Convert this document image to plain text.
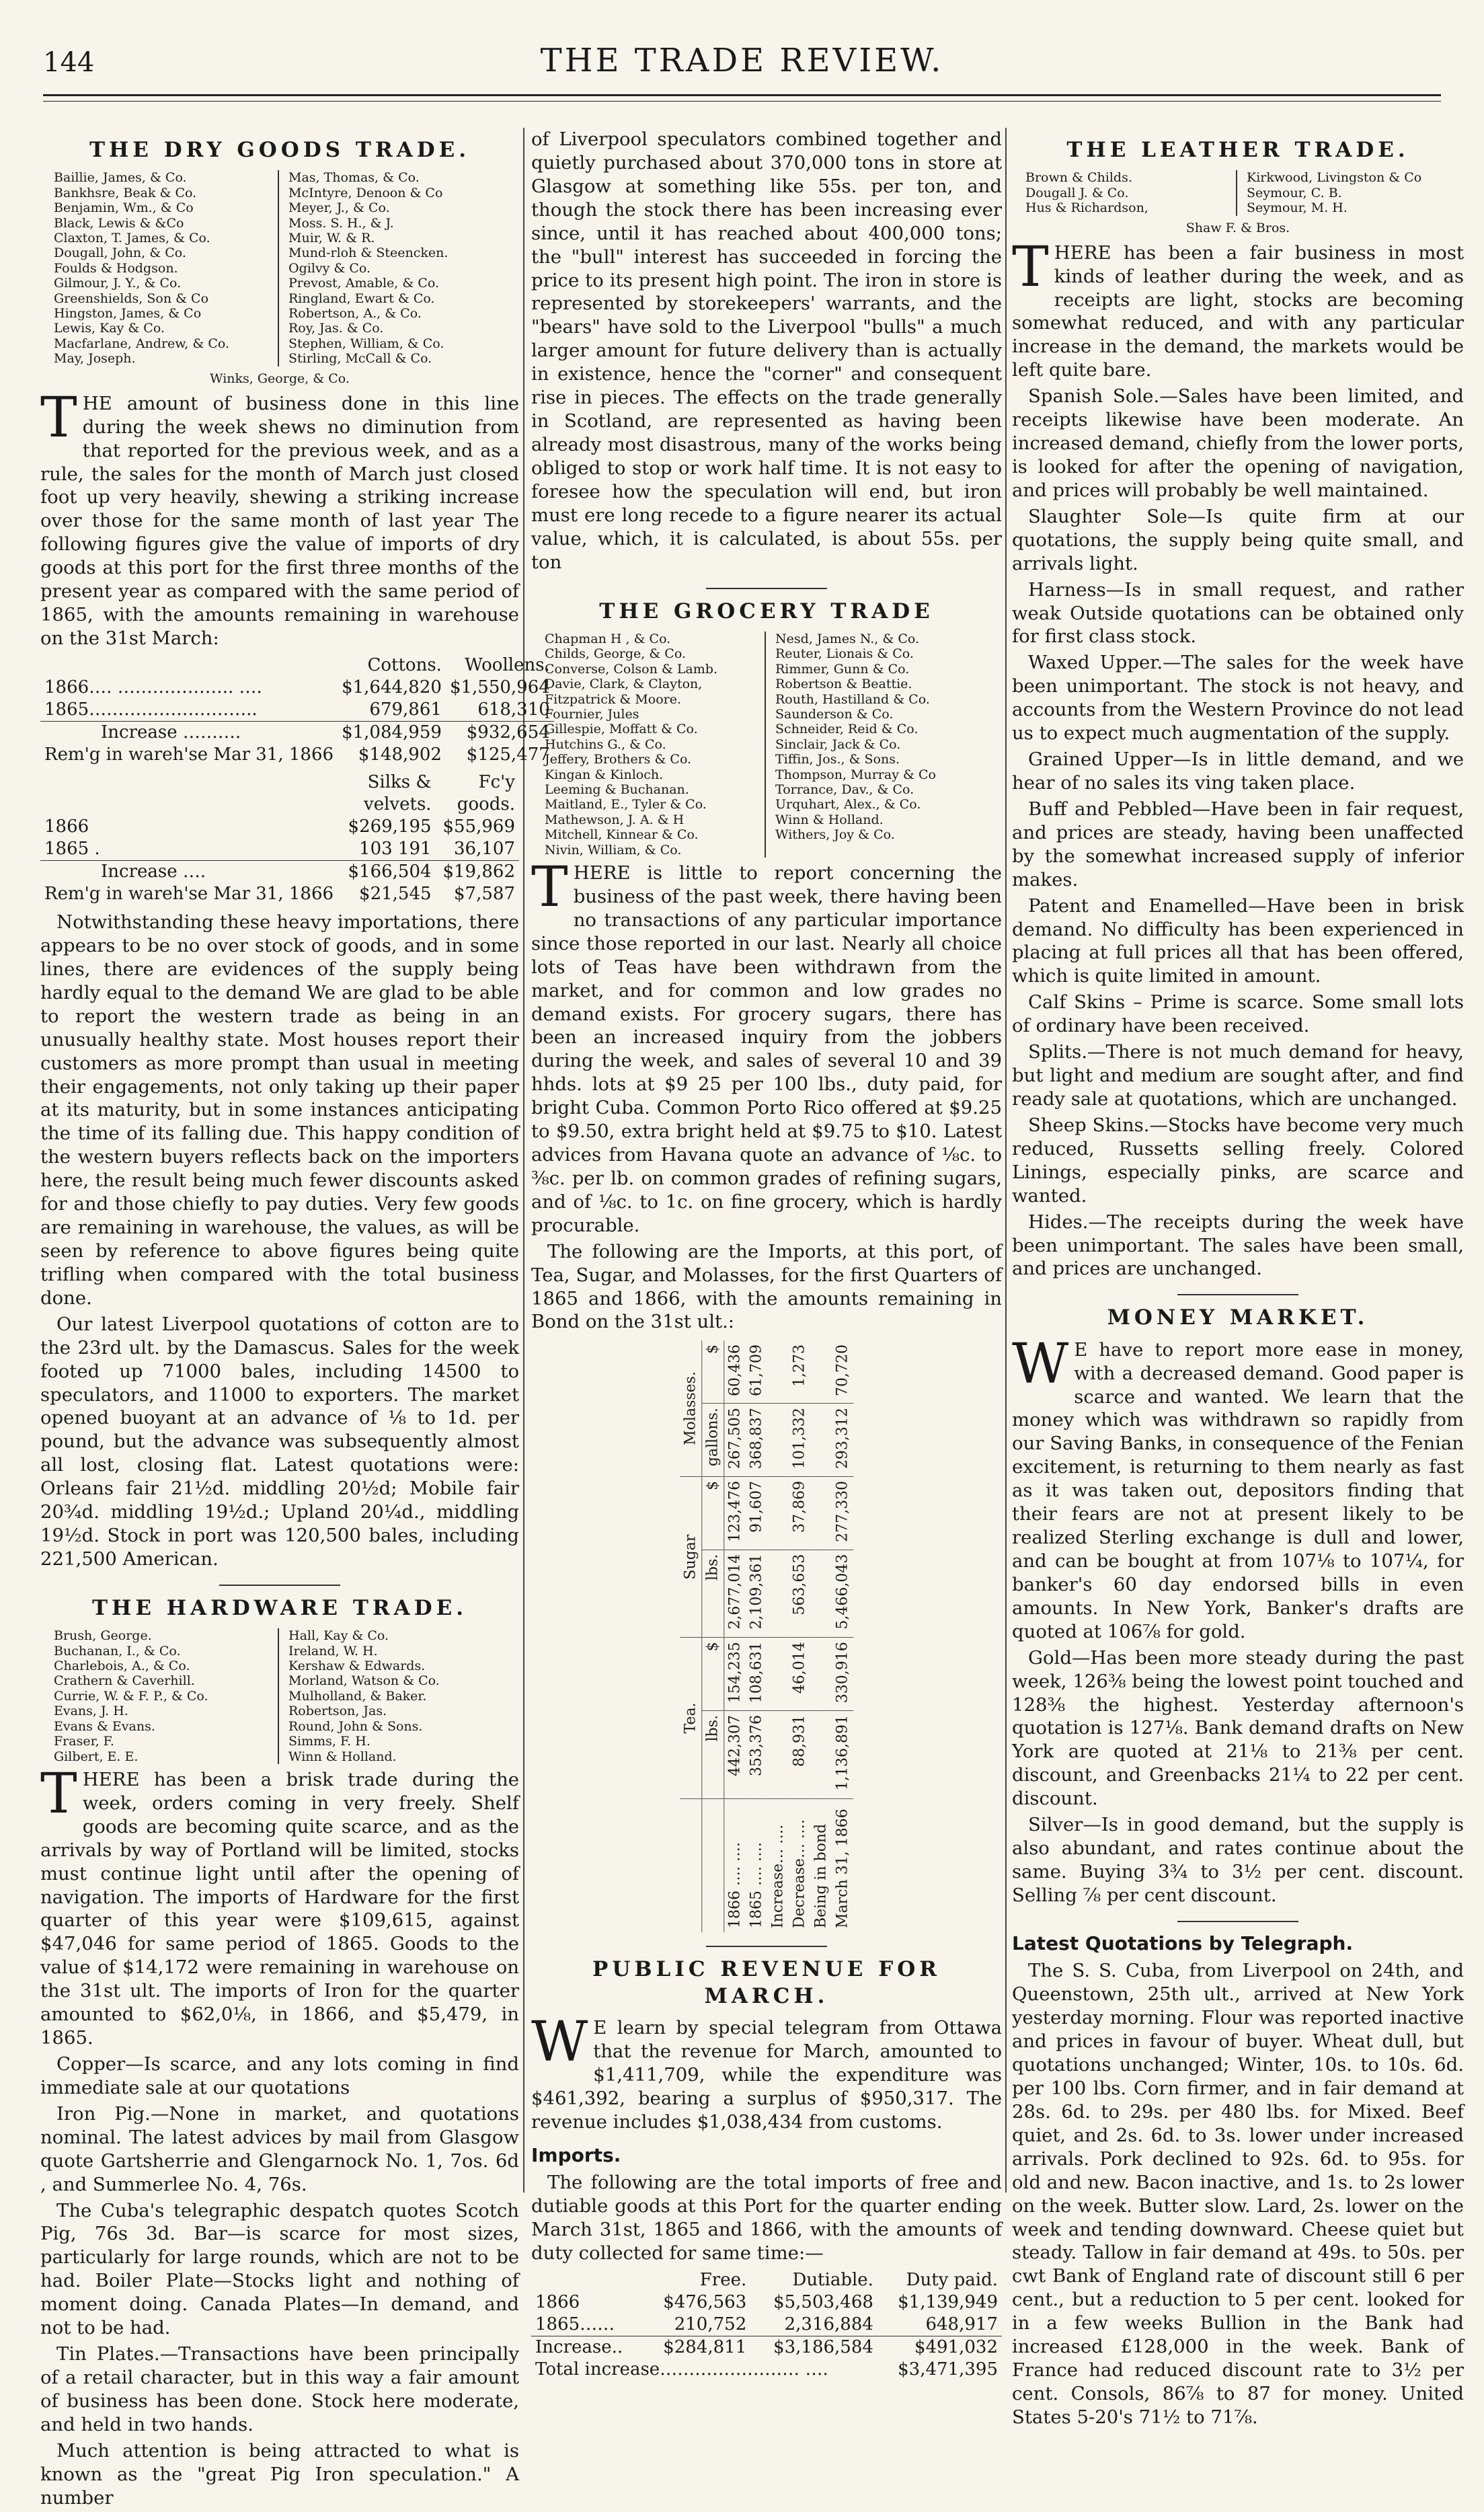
144	THE TRADE REVIEW.
THE DRY GOODS TRADE.
Baillie, James, & Co.
Bankhsre, Beak & Co.
Benjamin, Wm., & Co
Black, Lewis & &Co
Claxton, T. James, & Co.
Dougall, John, & Co.
Foulds & Hodgson.
Gilmour, J. Y., & Co.
Greenshields, Son & Co
Hingston, James, & Co
Lewis, Kay & Co.
Macfarlane, Andrew, & Co.
May, Joseph.
Mas, Thomas, & Co.
McIntyre, Denoon & Co
Meyer, J., & Co.
Moss. S. H., & J.
Muir, W. & R.
Mund-rloh & Steencken.
Ogilvy & Co.
Prevost, Amable, & Co.
Ringland, Ewart & Co.
Robertson, A., & Co.
Roy, Jas. & Co.
Stephen, William, & Co.
Stirling, McCall & Co.
Winks, George, & Co.

THE amount of business done in this line during the week shews no diminution from that reported for the previous week, and as a rule, the sales for the month of March just closed foot up very heavily, shewing a striking increase over those for the same month of last year The following figures give the value of imports of dry goods at this port for the first three months of the present year as compared with the same period of 1865, with the amounts remaining in warehouse on the 31st March:

	Cottons.	Woollens.
1866…. ……………….. ….	$1,644,820	$1,550,964
1865………………………..	679,861	618,310
Increase ……….	$1,084,959	$932,654
Rem'g in wareh'se Mar 31, 1866	$148,902	$125,477
	Silks & velvets.	Fc'y goods.
1866	$269,195	$55,969
1865 .	103 191	36,107
Increase ….	$166,504	$19,862
Rem'g in wareh'se Mar 31, 1866	$21,545	$7,587

Notwithstanding these heavy importations, there appears to be no over stock of goods, and in some lines, there are evidences of the supply being hardly equal to the demand We are glad to be able to report the western trade as being in an unusually healthy state. Most houses report their customers as more prompt than usual in meeting their engagements, not only taking up their paper at its maturity, but in some instances anticipating the time of its falling due. This happy condition of the western buyers reflects back on the importers here, the result being much fewer discounts asked for and those chiefly to pay duties. Very few goods are remaining in warehouse, the values, as will be seen by reference to above figures being quite trifling when compared with the total business done.

Our latest Liverpool quotations of cotton are to the 23rd ult. by the Damascus. Sales for the week footed up 71000 bales, including 14500 to speculators, and 11000 to exporters. The market opened buoyant at an advance of ⅛ to 1d. per pound, but the advance was subsequently almost all lost, closing flat. Latest quotations were: Orleans fair 21½d. middling 20½d; Mobile fair 20¾d. middling 19½d.; Upland 20¼d., middling 19½d. Stock in port was 120,500 bales, including 221,500 American.

THE HARDWARE TRADE.
Brush, George.
Buchanan, I., & Co.
Charlebois, A., & Co.
Crathern & Caverhill.
Currie, W. & F. P., & Co.
Evans, J. H.
Evans & Evans.
Fraser, F.
Gilbert, E. E.
Hall, Kay & Co.
Ireland, W. H.
Kershaw & Edwards.
Morland, Watson & Co.
Mulholland, & Baker.
Robertson, Jas.
Round, John & Sons.
Simms, F. H.
Winn & Holland.

THERE has been a brisk trade during the week, orders coming in very freely. Shelf goods are becoming quite scarce, and as the arrivals by way of Portland will be limited, stocks must continue light until after the opening of navigation. The imports of Hardware for the first quarter of this year were $109,615, against $47,046 for same period of 1865. Goods to the value of $14,172 were remaining in warehouse on the 31st ult. The imports of Iron for the quarter amounted to $62,0⅛, in 1866, and $5,479, in 1865.

Copper—Is scarce, and any lots coming in find immediate sale at our quotations

Iron Pig.—None in market, and quotations nominal. The latest advices by mail from Glasgow quote Gartsherrie and Glengarnock No. 1, 7os. 6d , and Summerlee No. 4, 76s.

The Cuba's telegraphic despatch quotes Scotch Pig, 76s 3d. Bar—is scarce for most sizes, particularly for large rounds, which are not to be had. Boiler Plate—Stocks light and nothing of moment doing. Canada Plates—In demand, and not to be had.

Tin Plates.—Transactions have been principally of a retail character, but in this way a fair amount of business has been done. Stock here moderate, and held in two hands.

Much attention is being attracted to what is known as the "great Pig Iron speculation." A number

of Liverpool speculators combined together and quietly purchased about 370,000 tons in store at Glasgow at something like 55s. per ton, and though the stock there has been increasing ever since, until it has reached about 400,000 tons; the "bull" interest has succeeded in forcing the price to its present high point. The iron in store is represented by storekeepers' warrants, and the "bears" have sold to the Liverpool "bulls" a much larger amount for future delivery than is actually in existence, hence the "corner" and consequent rise in pieces. The effects on the trade generally in Scotland, are represented as having been already most disastrous, many of the works being obliged to stop or work half time. It is not easy to foresee how the speculation will end, but iron must ere long recede to a figure nearer its actual value, which, it is calculated, is about 55s. per ton

THE GROCERY TRADE
Chapman H , & Co.
Childs, George, & Co.
Converse, Colson & Lamb.
Davie, Clark, & Clayton,
Fitzpatrick & Moore.
Fournier, Jules
Gillespie, Moffatt & Co.
Hutchins G., & Co.
Jeffery, Brothers & Co.
Kingan & Kinloch.
Leeming & Buchanan.
Maitland, E., Tyler & Co.
Mathewson, J. A. & H
Mitchell, Kinnear & Co.
Nivin, William, & Co.
Nesd, James N., & Co.
Reuter, Lionais & Co.
Rimmer, Gunn & Co.
Robertson & Beattie.
Routh, Hastilland & Co.
Saunderson & Co.
Schneider, Reid & Co.
Sinclair, Jack & Co.
Tiffin, Jos., & Sons.
Thompson, Murray & Co
Torrance, Dav., & Co.
Urquhart, Alex., & Co.
Winn & Holland.
Withers, Joy & Co.

THERE is little to report concerning the business of the past week, there having been no transactions of any particular importance since those reported in our last. Nearly all choice lots of Teas have been withdrawn from the market, and for common and low grades no demand exists. For grocery sugars, there has been an increased inquiry from the jobbers during the week, and sales of several 10 and 39 hhds. lots at $9 25 per 100 lbs., duty paid, for bright Cuba. Common Porto Rico offered at $9.25 to $9.50, extra bright held at $9.75 to $10. Latest advices from Havana quote an advance of ⅛c. to ⅜c. per lb. on common grades of refining sugars, and of ⅛c. to 1c. on fine grocery, which is hardly procurable.

The following are the Imports, at this port, of Tea, Sugar, and Molasses, for the first Quarters of 1865 and 1866, with the amounts remaining in Bond on the 31st ult.:

	Tea.		Sugar		Molasses.	
	lbs.	$	lbs.	$	gallons.	$
1866 …. ….	442,307	154,235	2,677,014	123,476	267,505	60,436
1865 …. ….	353,376	108,631	2,109,361	91,607	368,837	61,709
Increase… ….						
Decrease… ….	88,931	46,014	563,653	37,869	101,332	1,273
Being in bond						
March 31, 1866	1,136,891	330,916	5,466,043	277,330	293,312	70,720
PUBLIC REVENUE FOR MARCH.

W E learn by special telegram from Ottawa that the revenue for March, amounted to $1,411,709, while the expenditure was $461,392, bearing a surplus of $950,317. The revenue includes $1,038,434 from customs.

Imports.

The following are the total imports of free and dutiable goods at this Port for the quarter ending March 31st, 1865 and 1866, with the amounts of duty collected for same time:—

	Free.	Dutiable.	Duty paid.
1866	$476,563	$5,503,468	$1,139,949
1865……	210,752	2,316,884	648,917
Increase..	$284,811	$3,186,584	$491,032
Total increase…………………… ….			$3,471,395
THE LEATHER TRADE.
Brown & Childs.
Dougall J. & Co.
Hus & Richardson,
Kirkwood, Livingston & Co
Seymour, C. B.
Seymour, M. H.
Shaw F. & Bros.

THERE has been a fair business in most kinds of leather during the week, and as receipts are light, stocks are becoming somewhat reduced, and with any particular increase in the demand, the markets would be left quite bare.

Spanish Sole.—Sales have been limited, and receipts likewise have been moderate. An increased demand, chiefly from the lower ports, is looked for after the opening of navigation, and prices will probably be well maintained.

Slaughter Sole—Is quite firm at our quotations, the supply being quite small, and arrivals light.

Harness—Is in small request, and rather weak Outside quotations can be obtained only for first class stock.

Waxed Upper.—The sales for the week have been unimportant. The stock is not heavy, and accounts from the Western Province do not lead us to expect much augmentation of the supply.

Grained Upper—Is in little demand, and we hear of no sales its ving taken place.

Buff and Pebbled—Have been in fair request, and prices are steady, having been unaffected by the somewhat increased supply of inferior makes.

Patent and Enamelled—Have been in brisk demand. No difficulty has been experienced in placing at full prices all that has been offered, which is quite limited in amount.

Calf Skins – Prime is scarce. Some small lots of ordinary have been received.

Splits.—There is not much demand for heavy, but light and medium are sought after, and find ready sale at quotations, which are unchanged.

Sheep Skins.—Stocks have become very much reduced, Russetts selling freely. Colored Linings, especially pinks, are scarce and wanted.

Hides.—The receipts during the week have been unimportant. The sales have been small, and prices are unchanged.

MONEY MARKET.

W E have to report more ease in money, with a decreased demand. Good paper is scarce and wanted. We learn that the money which was withdrawn so rapidly from our Saving Banks, in consequence of the Fenian excitement, is returning to them nearly as fast as it was taken out, depositors finding that their fears are not at present likely to be realized Sterling exchange is dull and lower, and can be bought at from 107⅛ to 107¼, for banker's 60 day endorsed bills in even amounts. In New York, Banker's drafts are quoted at 106⅞ for gold.

Gold—Has been more steady during the past week, 126⅜ being the lowest point touched and 128⅜ the highest. Yesterday afternoon's quotation is 127⅛. Bank demand drafts on New York are quoted at 21⅛ to 21⅜ per cent. discount, and Greenbacks 21¼ to 22 per cent. discount.

Silver—Is in good demand, but the supply is also abundant, and rates continue about the same. Buying 3¾ to 3½ per cent. discount. Selling ⅞ per cent discount.

Latest Quotations by Telegraph.

The S. S. Cuba, from Liverpool on 24th, and Queenstown, 25th ult., arrived at New York yesterday morning. Flour was reported inactive and prices in favour of buyer. Wheat dull, but quotations unchanged; Winter, 10s. to 10s. 6d. per 100 lbs. Corn firmer, and in fair demand at 28s. 6d. to 29s. per 480 lbs. for Mixed. Beef quiet, and 2s. 6d. to 3s. lower under increased arrivals. Pork declined to 92s. 6d. to 95s. for old and new. Bacon inactive, and 1s. to 2s lower on the week. Butter slow. Lard, 2s. lower on the week and tending downward. Cheese quiet but steady. Tallow in fair demand at 49s. to 50s. per cwt Bank of England rate of discount still 6 per cent., but a reduction to 5 per cent. looked for in a few weeks Bullion in the Bank had increased £128,000 in the week. Bank of France had reduced discount rate to 3½ per cent. Consols, 86⅞ to 87 for money. United States 5-20's 71½ to 71⅞.
